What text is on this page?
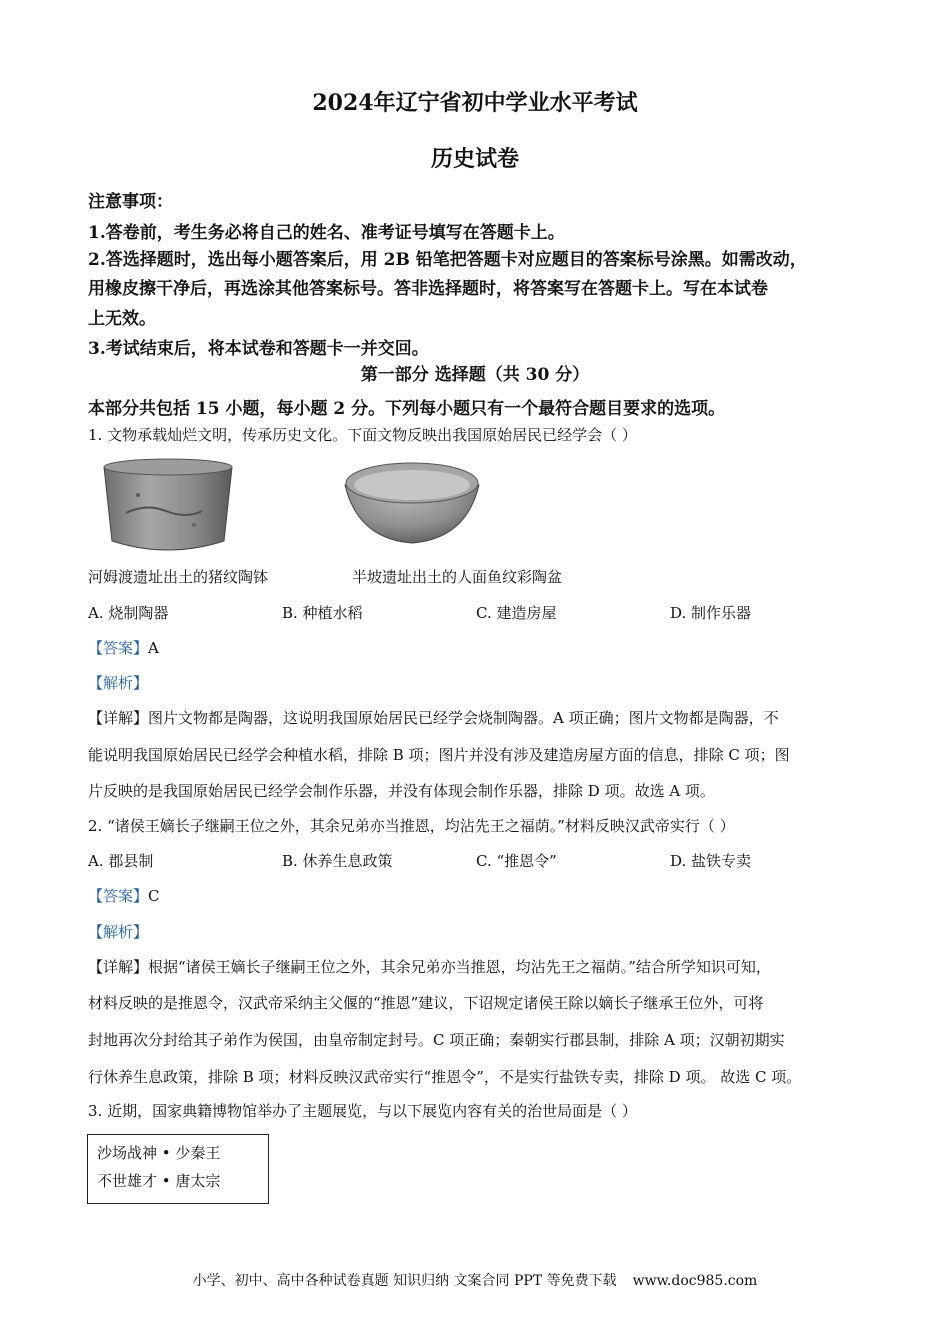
2024年辽宁省初中学业水平考试
历史试卷
注意事项：
1.答卷前，考生务必将自己的姓名、准考证号填写在答题卡上。
2.答选择题时，选出每小题答案后，用 2B 铅笔把答题卡对应题目的答案标号涂黑。如需改动，
用橡皮擦干净后，再选涂其他答案标号。答非选择题时，将答案写在答题卡上。写在本试卷
上无效。
3.考试结束后，将本试卷和答题卡一并交回。
第一部分 选择题（共 30 分）
本部分共包括 15 小题，每小题 2 分。下列每小题只有一个最符合题目要求的选项。
1. 文物承载灿烂文明，传承历史文化。下面文物反映出我国原始居民已经学会（ ）
河姆渡遗址出土的猪纹陶钵	半坡遗址出土的人面鱼纹彩陶盆
A. 烧制陶器	B. 种植水稻	C. 建造房屋	D. 制作乐器
【答案】A
【解析】
【详解】图片文物都是陶器，这说明我国原始居民已经学会烧制陶器。A 项正确；图片文物都是陶器，不
能说明我国原始居民已经学会种植水稻，排除 B 项；图片并没有涉及建造房屋方面的信息，排除 C 项；图
片反映的是我国原始居民已经学会制作乐器，并没有体现会制作乐器，排除 D 项。故选 A 项。
2. “诸侯王嫡长子继嗣王位之外，其余兄弟亦当推恩，均沾先王之福荫。”材料反映汉武帝实行（ ）
A. 郡县制	B. 休养生息政策	C. “推恩令”	D. 盐铁专卖
【答案】C
【解析】
【详解】根据“诸侯王嫡长子继嗣王位之外，其余兄弟亦当推恩，均沾先王之福荫。”结合所学知识可知，
材料反映的是推恩令，汉武帝采纳主父偃的“推恩”建议，下诏规定诸侯王除以嫡长子继承王位外，可将
封地再次分封给其子弟作为侯国，由皇帝制定封号。C 项正确；秦朝实行郡县制，排除 A 项；汉朝初期实
行休养生息政策，排除 B 项；材料反映汉武帝实行“推恩令”，不是实行盐铁专卖，排除 D 项。 故选 C 项。
3. 近期，国家典籍博物馆举办了主题展览，与以下展览内容有关的治世局面是（ ）
沙场战神 • 少秦王
不世雄才 • 唐太宗
小学、初中、高中各种试卷真题 知识归纳 文案合同 PPT 等免费下载 www.doc985.com
